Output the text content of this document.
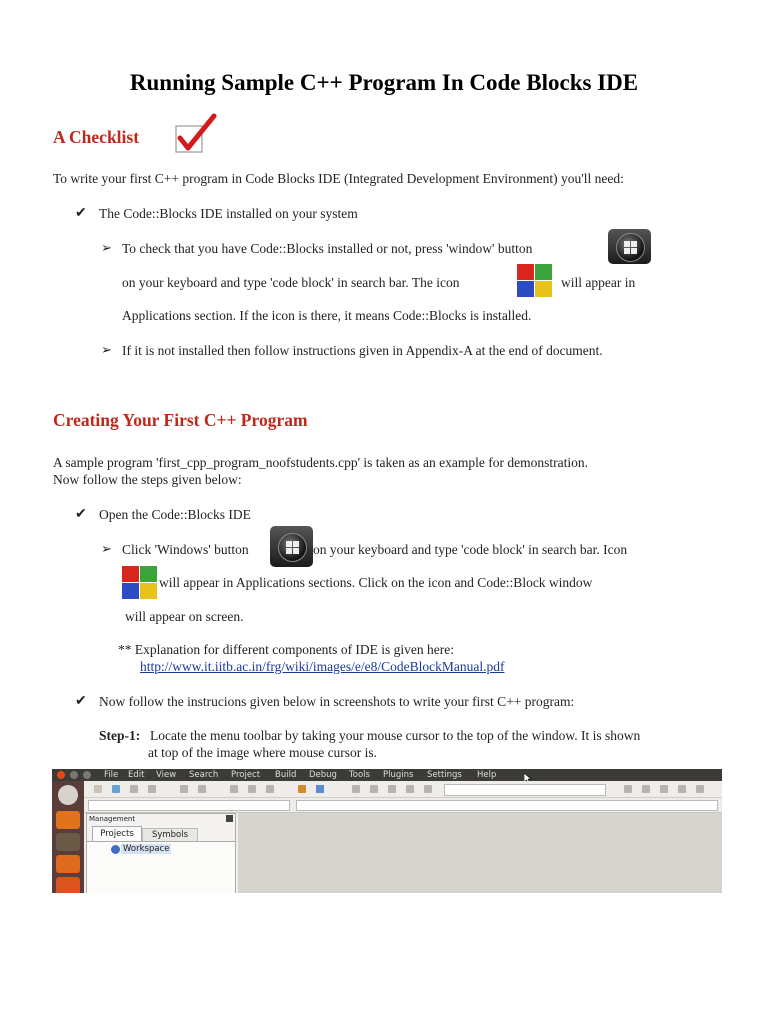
Running Sample C++ Program In Code Blocks IDE
A Checklist
To write your first C++ program in Code Blocks IDE (Integrated Development Environment) you'll need:
✔ The Code::Blocks IDE installed on your system
➢ To check that you have Code::Blocks installed or not, press 'window' button
on your keyboard and type 'code block' in search bar. The icon	will appear in
Applications section. If the icon is there, it means Code::Blocks is installed.
➢ If it is not installed then follow instructions given in Appendix-A at the end of document.
Creating Your First C++ Program
A sample program 'first_cpp_program_noofstudents.cpp' is taken as an example for demonstration.
Now follow the steps given below:
✔ Open the Code::Blocks IDE
➢ Click 'Windows' button	on your keyboard and type 'code block' in search bar. Icon
will appear in Applications sections. Click on the icon and Code::Block window
will appear on screen.
** Explanation for different components of IDE is given here:
http://www.it.iitb.ac.in/frg/wiki/images/e/e8/CodeBlockManual.pdf
✔ Now follow the instrucions given below in screenshots to write your first C++ program:
Step-1: Locate the menu toolbar by taking your mouse cursor to the top of the window. It is shown
at top of the image where mouse cursor is.
File Edit View Search Project Build Debug Tools Plugins Settings Help
Management
Projects	Symbols
Workspace
